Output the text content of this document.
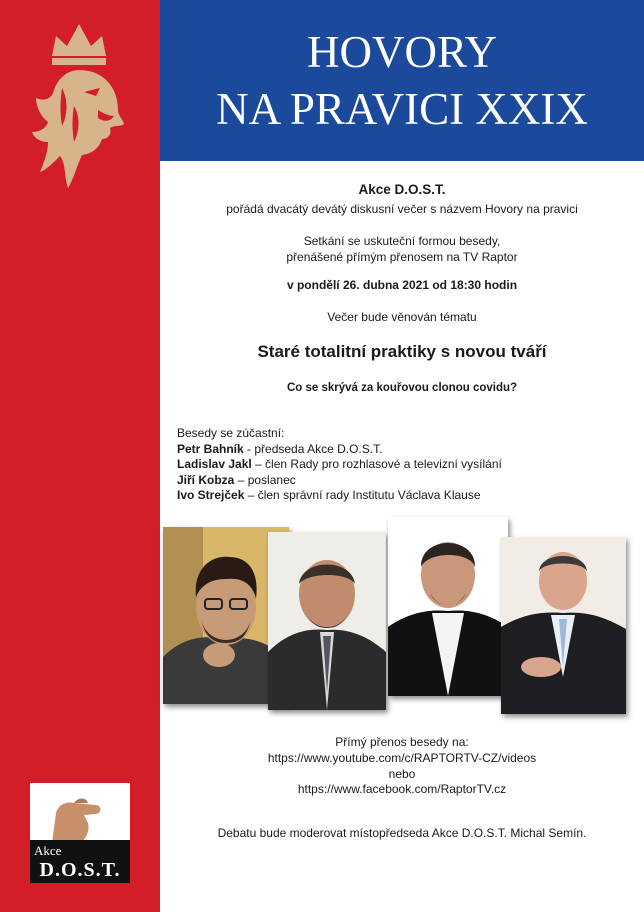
HOVORY
NA PRAVICI XXIX
Akce D.O.S.T.
pořádá dvacátý devátý diskusní večer s názvem Hovory na pravici
Setkání se uskuteční formou besedy,
přenášené přímým přenosem na TV Raptor
v pondělí 26. dubna 2021 od 18:30 hodin
Večer bude věnován tématu
Staré totalitní praktiky s novou tváří
Co se skrývá za kouřovou clonou covidu?
Besedy se zúčastní:
Petr Bahník - předseda Akce D.O.S.T.
Ladislav Jakl – člen Rady pro rozhlasové a televizní vysílání
Jiří Kobza – poslanec
Ivo Strejček – člen správní rady Institutu Václava Klause
Přímý přenos besedy na:
https://www.youtube.com/c/RAPTORTV-CZ/videos
nebo
https://www.facebook.com/RaptorTV.cz
Debatu bude moderovat místopředseda Akce D.O.S.T. Michal Semín.
Akce
D.O.S.T.
